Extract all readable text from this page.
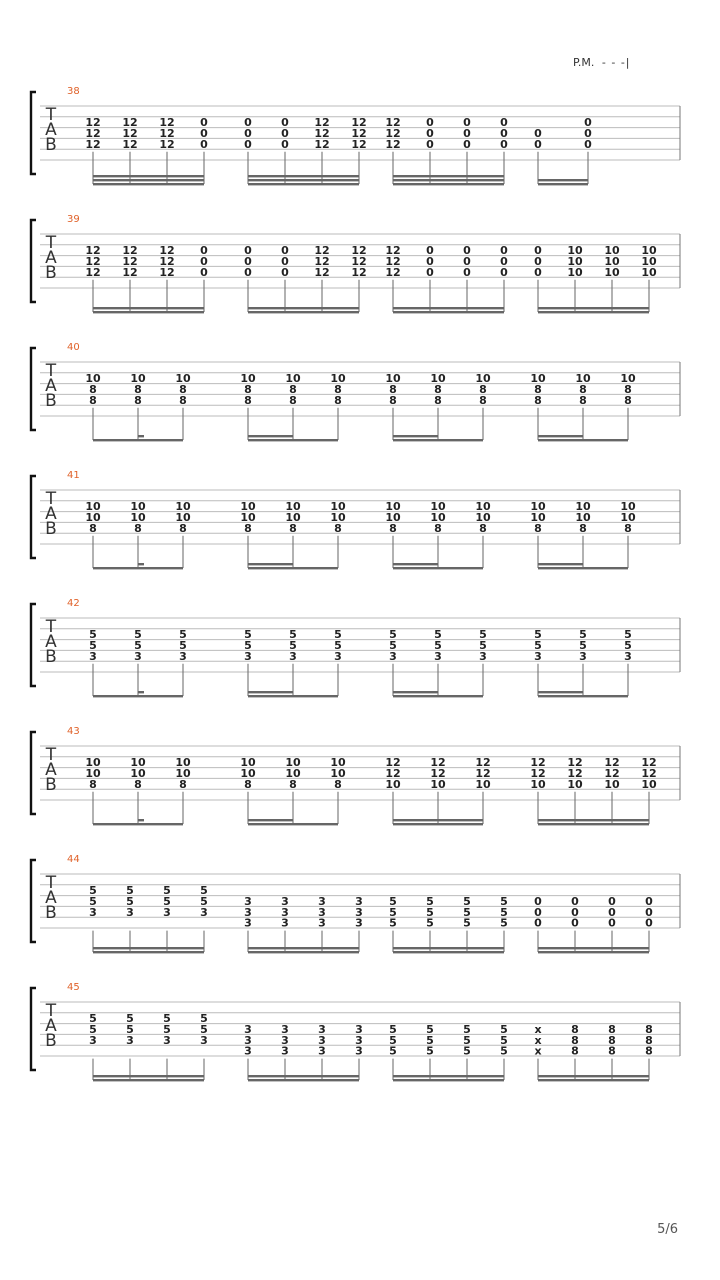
38
T
A
B
12
12
12
12
12
12
12
12
12
0
0
0
0
0
0
0
0
0
12
12
12
12
12
12
12
12
12
0
0
0
0
0
0
0
0
0
0
0
0
0
0
39
T
A
B
12
12
12
12
12
12
12
12
12
0
0
0
0
0
0
0
0
0
12
12
12
12
12
12
12
12
12
0
0
0
0
0
0
0
0
0
0
0
0
10
10
10
10
10
10
10
10
10
40
T
A
B
10
8
8
10
8
8
10
8
8
10
8
8
10
8
8
10
8
8
10
8
8
10
8
8
10
8
8
10
8
8
10
8
8
10
8
8
41
T
A
B
10
10
8
10
10
8
10
10
8
10
10
8
10
10
8
10
10
8
10
10
8
10
10
8
10
10
8
10
10
8
10
10
8
10
10
8
42
T
A
B
5
5
3
5
5
3
5
5
3
5
5
3
5
5
3
5
5
3
5
5
3
5
5
3
5
5
3
5
5
3
5
5
3
5
5
3
43
T
A
B
10
10
8
10
10
8
10
10
8
10
10
8
10
10
8
10
10
8
12
12
10
12
12
10
12
12
10
12
12
10
12
12
10
12
12
10
12
12
10
44
T
A
B
5
5
3
5
5
3
5
5
3
5
5
3
3
3
3
3
3
3
3
3
3
3
3
3
5
5
5
5
5
5
5
5
5
5
5
5
0
0
0
0
0
0
0
0
0
0
0
0
45
T
A
B
5
5
3
5
5
3
5
5
3
5
5
3
3
3
3
3
3
3
3
3
3
3
3
3
5
5
5
5
5
5
5
5
5
5
5
5
x
x
x
8
8
8
8
8
8
8
8
8
P.M. - - -|
5/6
